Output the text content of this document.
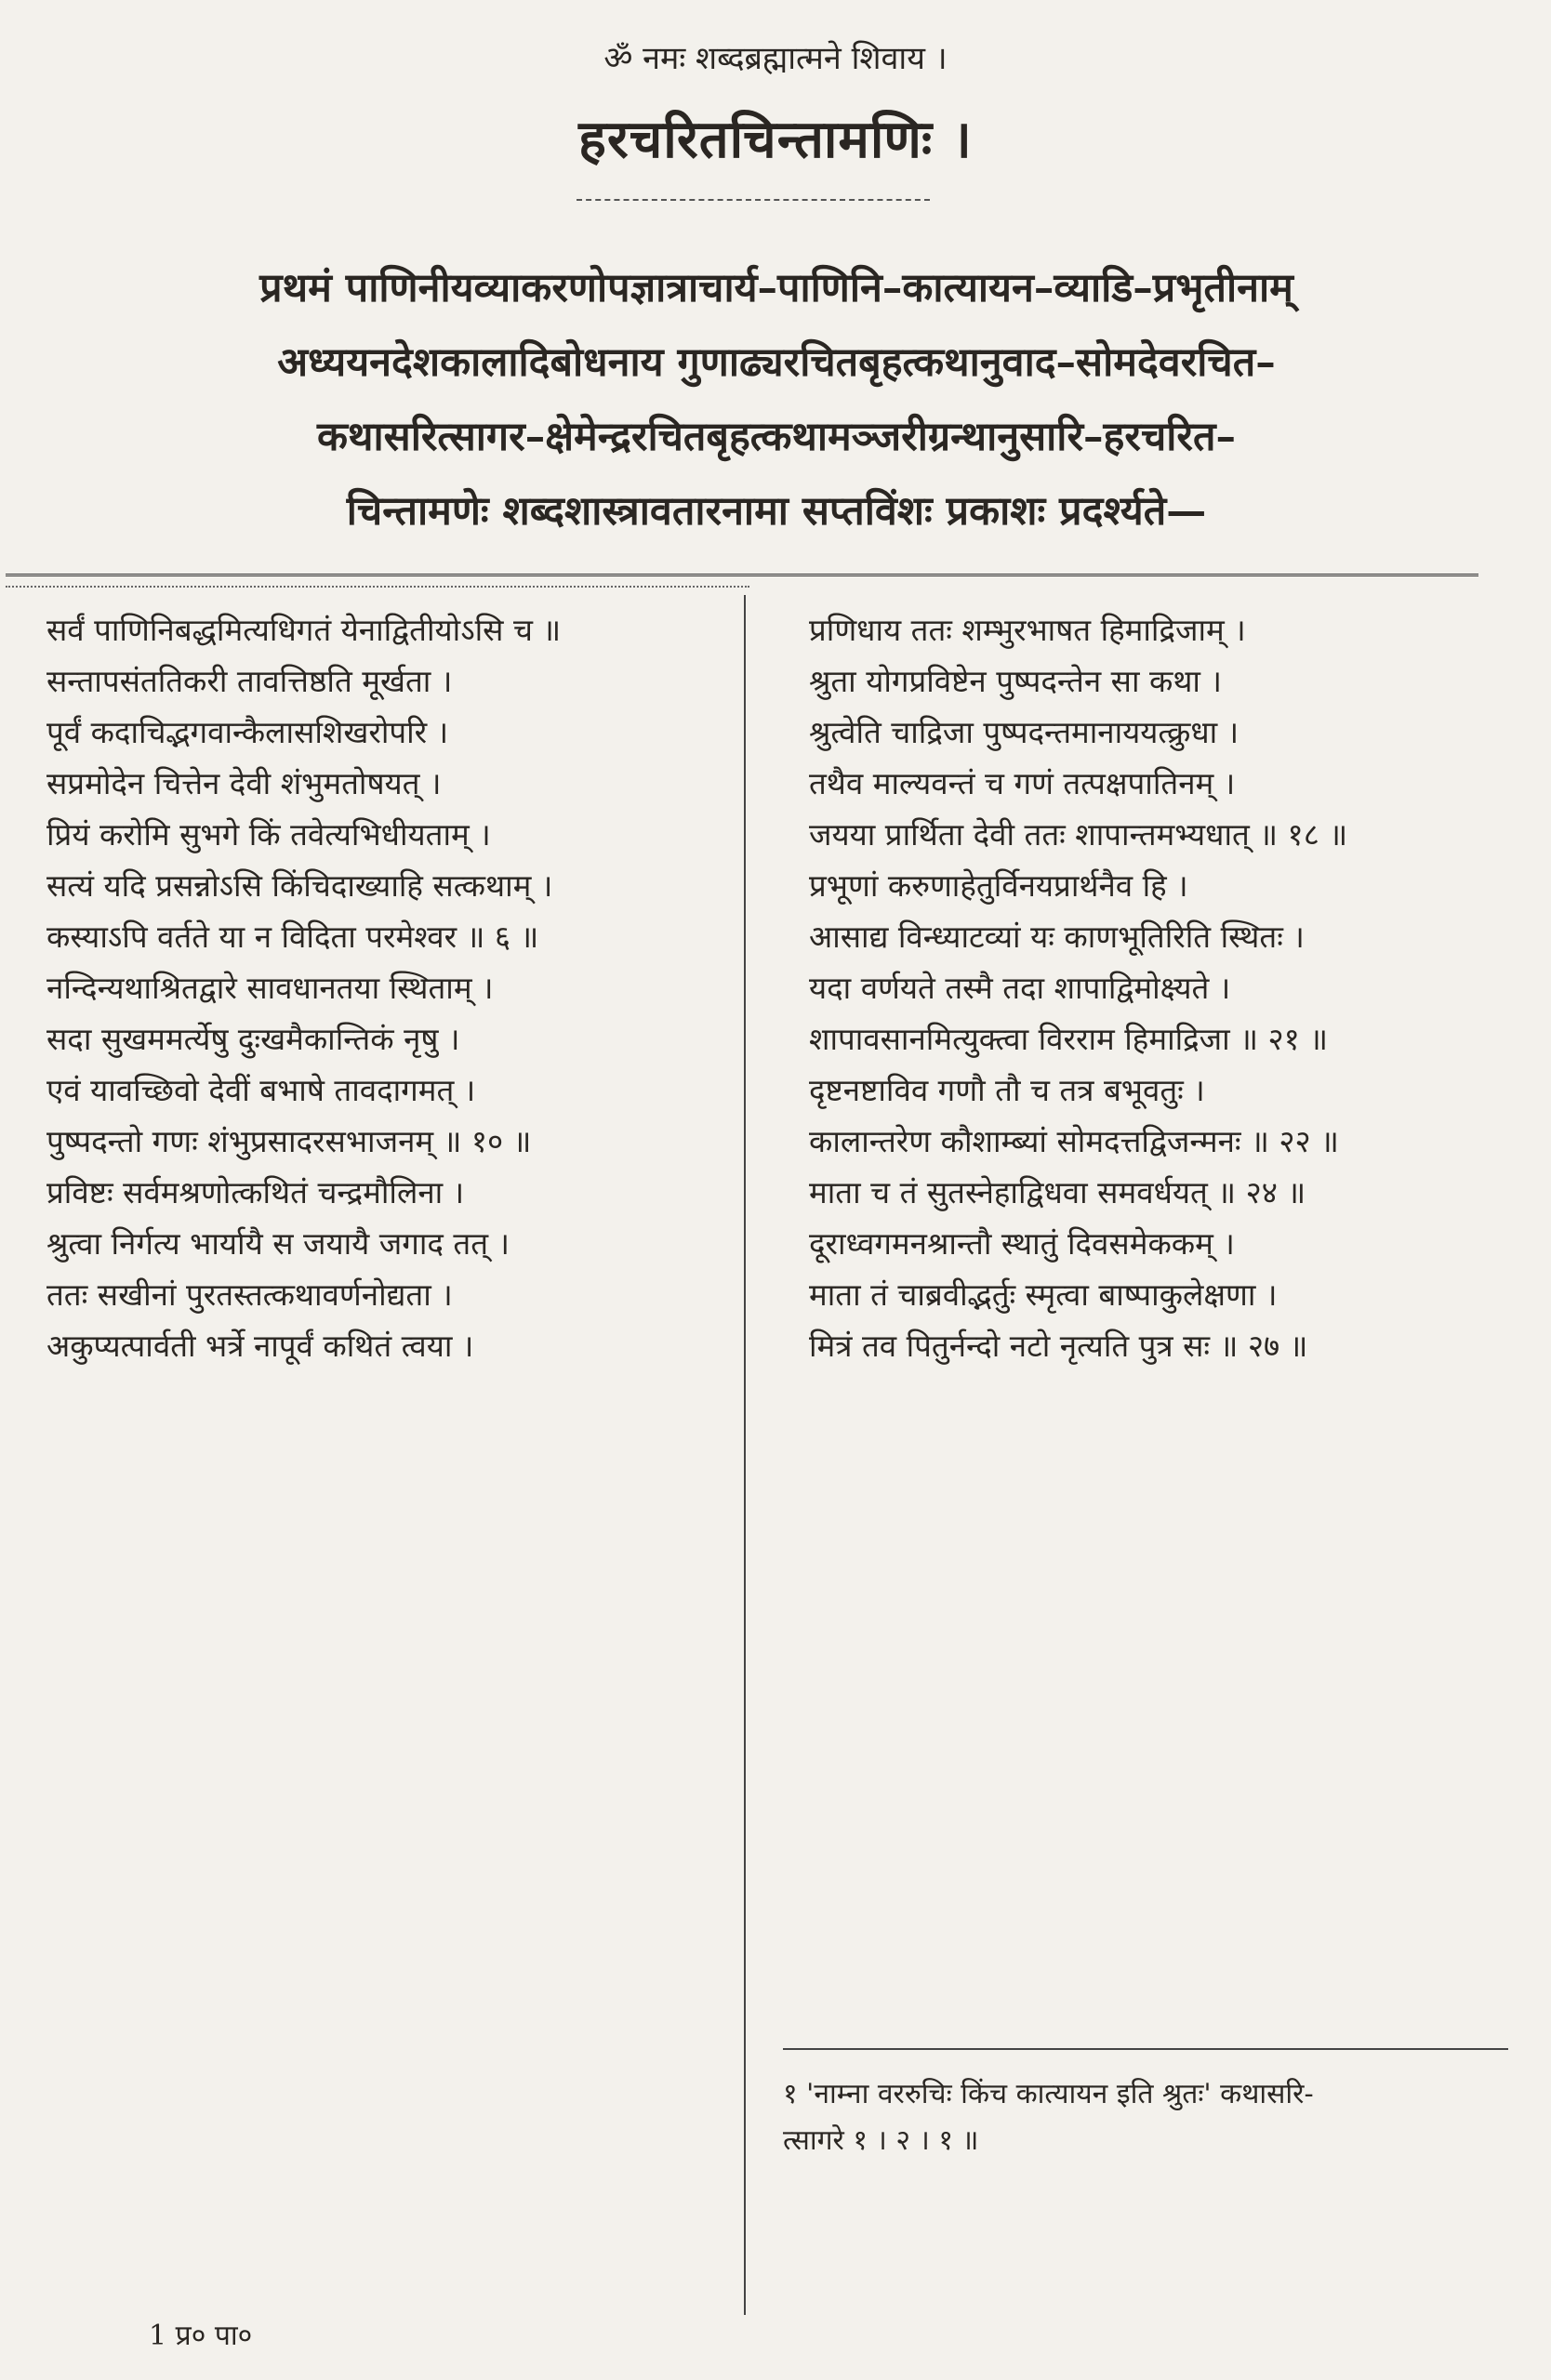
ॐ नमः शब्दब्रह्मात्मने शिवाय ।
हरचरितचिन्तामणिः ।
प्रथमं पाणिनीयव्याकरणोपज्ञात्राचार्य–पाणिनि–कात्यायन–व्याडि–प्रभृतीनाम्
अध्ययनदेशकालादिबोधनाय गुणाढ्यरचितबृहत्कथानुवाद–सोमदेवरचित–
कथासरित्सागर–क्षेमेन्द्ररचितबृहत्कथामञ्जरीग्रन्थानुसारि–हरचरित–
चिन्तामणेः शब्दशास्त्रावतारनामा सप्तविंशः प्रकाशः प्रदर्श्यते—

सर्वं पाणिनिबद्धमित्यधिगतं येनाद्वितीयोऽसि च ॥

सन्तापसंततिकरी तावत्तिष्ठति मूर्खता ।

पूर्वं कदाचिद्भगवान्कैलासशिखरोपरि ।

सप्रमोदेन चित्तेन देवी शंभुमतोषयत् ।

प्रियं करोमि सुभगे किं तवेत्यभिधीयताम् ।

सत्यं यदि प्रसन्नोऽसि किंचिदाख्याहि सत्कथाम् ।

कस्याऽपि वर्तते या न विदिता परमेश्वर ॥ ६ ॥

नन्दिन्यथाश्रितद्वारे सावधानतया स्थिताम् ।

सदा सुखममर्त्येषु दुःखमैकान्तिकं नृषु ।

एवं यावच्छिवो देवीं बभाषे तावदागमत् ।

पुष्पदन्तो गणः शंभुप्रसादरसभाजनम् ॥ १० ॥

प्रविष्टः सर्वमश्रणोत्कथितं चन्द्रमौलिना ।

श्रुत्वा निर्गत्य भार्यायै स जयायै जगाद तत् ।

ततः सखीनां पुरतस्तत्कथावर्णनोद्यता ।

अकुप्यत्पार्वती भर्त्रे नापूर्वं कथितं त्वया ।

प्रणिधाय ततः शम्भुरभाषत हिमाद्रिजाम् ।

श्रुता योगप्रविष्टेन पुष्पदन्तेन सा कथा ।

श्रुत्वेति चाद्रिजा पुष्पदन्तमानाययत्क्रुधा ।

तथैव माल्यवन्तं च गणं तत्पक्षपातिनम् ।

जयया प्रार्थिता देवी ततः शापान्तमभ्यधात् ॥ १८ ॥

प्रभूणां करुणाहेतुर्विनयप्रार्थनैव हि ।

आसाद्य विन्ध्याटव्यां यः काणभूतिरिति स्थितः ।

यदा वर्णयते तस्मै तदा शापाद्विमोक्ष्यते ।

शापावसानमित्युक्त्वा विरराम हिमाद्रिजा ॥ २१ ॥

दृष्टनष्टाविव गणौ तौ च तत्र बभूवतुः ।

कालान्तरेण कौशाम्ब्यां सोमदत्तद्विजन्मनः ॥ २२ ॥

माता च तं सुतस्नेहाद्विधवा समवर्धयत् ॥ २४ ॥

दूराध्वगमनश्रान्तौ स्थातुं दिवसमेककम् ।

माता तं चाब्रवीद्भर्तुः स्मृत्वा बाष्पाकुलेक्षणा ।

मित्रं तव पितुर्नन्दो नटो नृत्यति पुत्र सः ॥ २७ ॥

१ 'नाम्ना वररुचिः किंच कात्यायन इति श्रुतः' कथासरि-

त्सागरे १ । २ । १ ॥

1 प्र० पा०
